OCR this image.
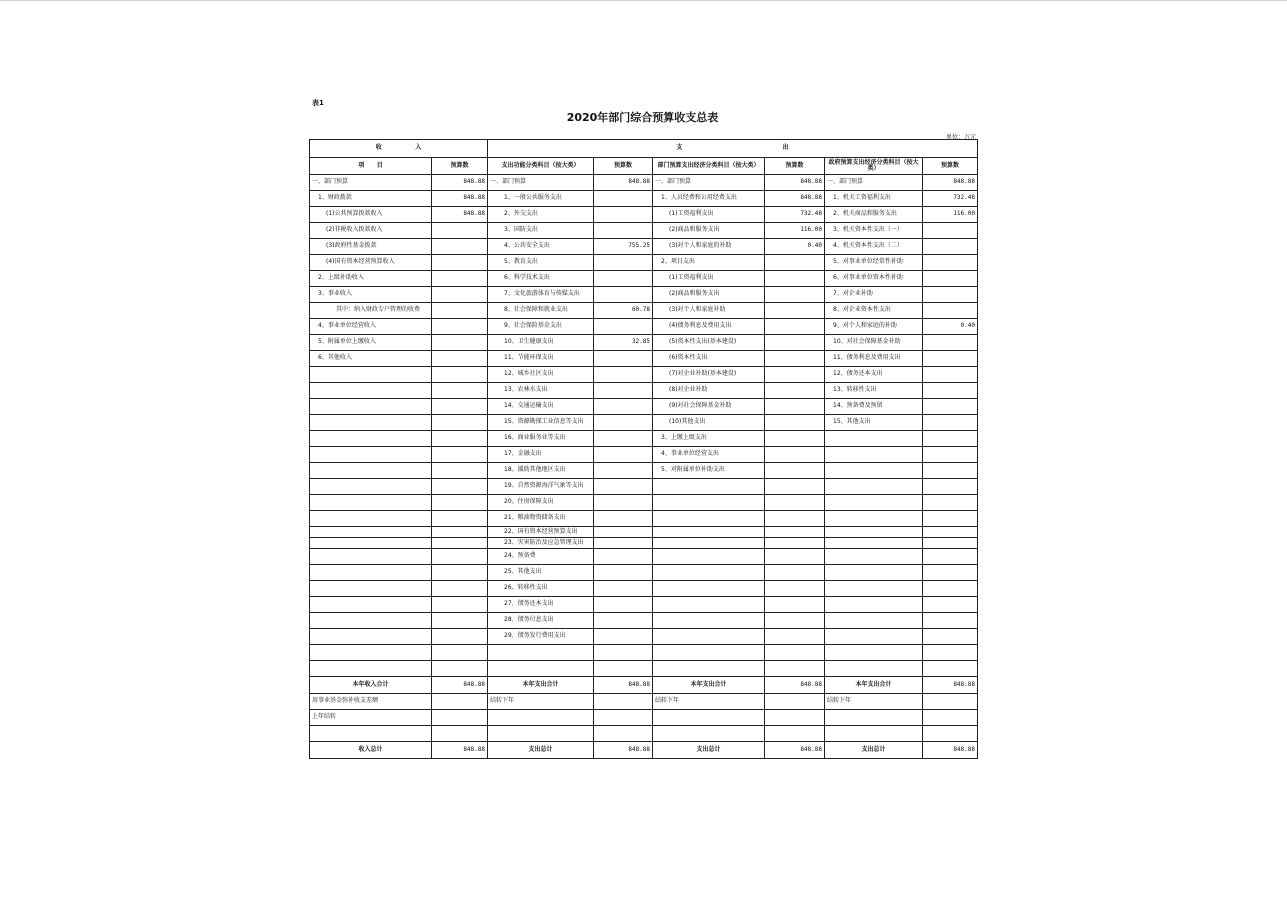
表1
2020年部门综合预算收支总表
单位：万元
收                入		支                                                出					
项      目	预算数	支出功能分类科目（按大类）	预算数	部门预算支出经济分类科目（按大类）	预算数	政府预算支出经济分类科目（按大类）	预算数
一、部门预算	848.88	一、部门预算	848.88	一、部门预算	848.88	一、部门预算	848.88
1、财政拨款	848.88	1、一般公共服务支出		1、人员经费和公用经费支出	848.88	1、机关工资福利支出	732.48
(1)公共预算拨款收入	848.88	2、外交支出		(1)工资福利支出	732.48	2、机关商品和服务支出	116.00
(2)非税收入拨款收入		3、国防支出		(2)商品和服务支出	116.00	3、机关资本性支出（一）	
(3)政府性基金拨款		4、公共安全支出	755.25	(3)对个人和家庭的补助	0.40	4、机关资本性支出（二）	
(4)国有资本经营预算收入		5、教育支出		2、项目支出		5、对事业单位经常性补助	
2、上级补助收入		6、科学技术支出		(1)工资福利支出		6、对事业单位资本性补助	
3、事业收入		7、文化旅游体育与传媒支出		(2)商品和服务支出		7、对企业补助	
其中：纳入财政专户管理的收费		8、社会保障和就业支出	60.78	(3)对个人和家庭补助		8、对企业资本性支出	
4、事业单位经营收入		9、社会保险基金支出		(4)债务利息及费用支出		9、对个人和家庭的补助	0.40
5、附属单位上缴收入		10、卫生健康支出	32.85	(5)资本性支出(基本建设)		10、对社会保障基金补助	
6、其他收入		11、节能环保支出		(6)资本性支出		11、债务利息及费用支出	
		12、城乡社区支出		(7)对企业补助(基本建设)		12、债务还本支出	
		13、农林水支出		(8)对企业补助		13、转移性支出	
		14、交通运输支出		(9)对社会保障基金补助		14、预备费及预留	
		15、资源勘探工业信息等支出		(10)其他支出		15、其他支出	
		16、商业服务业等支出		3、上缴上级支出			
		17、金融支出		4、事业单位经营支出			
		18、援助其他地区支出		5、对附属单位补助支出			
		19、自然资源海洋气象等支出					
		20、住房保障支出					
		21、粮油物资储备支出					
		22、国有资本经营预算支出					
		23、灾害防治及应急管理支出					
		24、预备费					
		25、其他支出					
		26、转移性支出					
		27、债务还本支出					
		28、债务付息支出					
		29、债务发行费用支出					

本年收入合计	848.88	本年支出合计	848.88	本年支出合计	848.88	本年支出合计	848.88
用事业基金弥补收支差额		结转下年		结转下年		结转下年	
上年结转							

收入总计	848.88	支出总计	848.88	支出总计	848.88	支出总计	848.88
